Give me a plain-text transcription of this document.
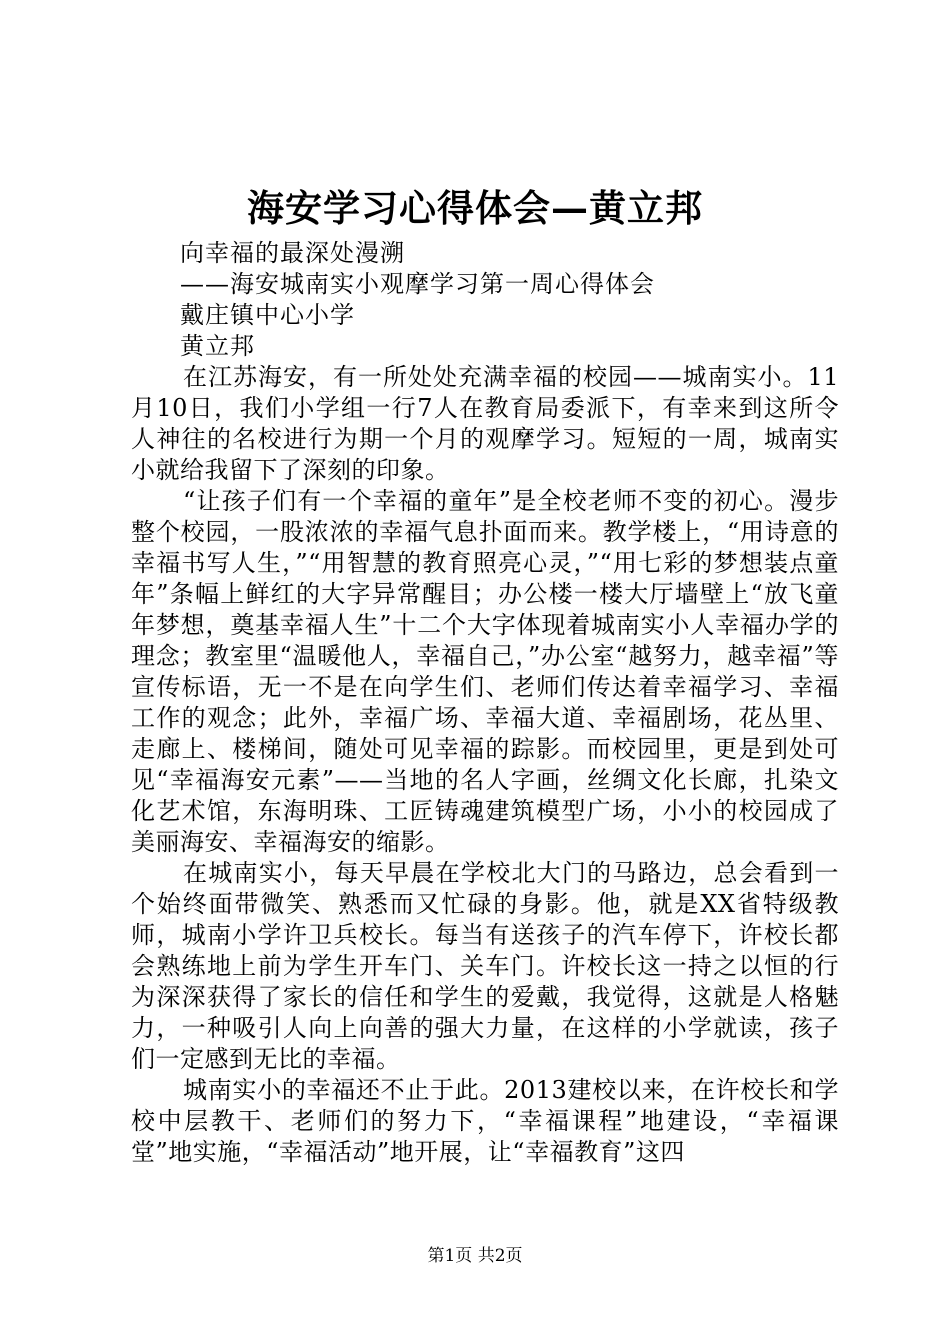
海安学习心得体会—黄立邦
向幸福的最深处漫溯
——海安城南实小观摩学习第一周心得体会
戴庄镇中心小学
黄立邦

在江苏海安，有一所处处充满幸福的校园——城南实小。11月10日，我们小学组一行7人在教育局委派下，有幸来到这所令人神往的名校进行为期一个月的观摩学习。短短的一周，城南实小就给我留下了深刻的印象。

“让孩子们有一个幸福的童年”是全校老师不变的初心。漫步整个校园，一股浓浓的幸福气息扑面而来。教学楼上，“用诗意的幸福书写人生，”“用智慧的教育照亮心灵，”“用七彩的梦想装点童年”条幅上鲜红的大字异常醒目；办公楼一楼大厅墙壁上“放飞童年梦想，奠基幸福人生”十二个大字体现着城南实小人幸福办学的理念；教室里“温暖他人，幸福自己，”办公室“越努力，越幸福”等宣传标语，无一不是在向学生们、老师们传达着幸福学习、幸福工作的观念；此外，幸福广场、幸福大道、幸福剧场，花丛里、走廊上、楼梯间，随处可见幸福的踪影。而校园里，更是到处可见“幸福海安元素”——当地的名人字画，丝绸文化长廊，扎染文化艺术馆，东海明珠、工匠铸魂建筑模型广场，小小的校园成了美丽海安、幸福海安的缩影。

在城南实小，每天早晨在学校北大门的马路边，总会看到一个始终面带微笑、熟悉而又忙碌的身影。他，就是XX省特级教师，城南小学许卫兵校长。每当有送孩子的汽车停下，许校长都会熟练地上前为学生开车门、关车门。许校长这一持之以恒的行为深深获得了家长的信任和学生的爱戴，我觉得，这就是人格魅力，一种吸引人向上向善的强大力量，在这样的小学就读，孩子们一定感到无比的幸福。

城南实小的幸福还不止于此。2013建校以来，在许校长和学校中层教干、老师们的努力下，“幸福课程”地建设，“幸福课堂”地实施，“幸福活动”地开展，让“幸福教育”这四

第1页 共2页
